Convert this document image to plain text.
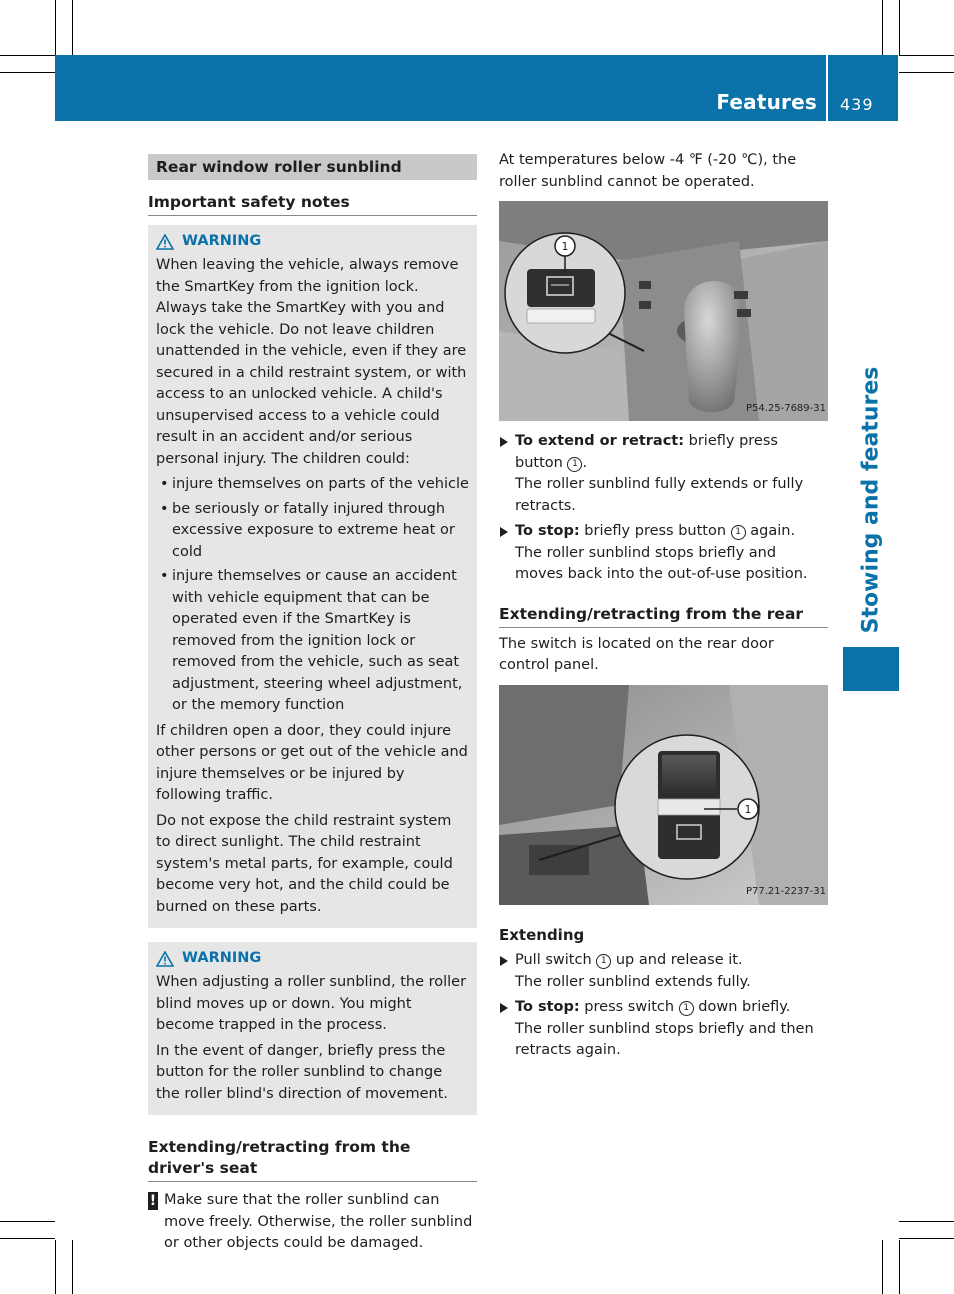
Features 439
Stowing and features
Rear window roller sunblind
Important safety notes
WARNING

When leaving the vehicle, always remove the SmartKey from the ignition lock. Always take the SmartKey with you and lock the vehicle. Do not leave children unattended in the vehicle, even if they are secured in a child restraint system, or with access to an unlocked vehicle. A child's unsupervised access to a vehicle could result in an accident and/or serious personal injury. The children could:

• injure themselves on parts of the vehicle
• be seriously or fatally injured through excessive exposure to extreme heat or cold
• injure themselves or cause an accident with vehicle equipment that can be operated even if the SmartKey is removed from the ignition lock or removed from the vehicle, such as seat adjustment, steering wheel adjustment, or the memory function

If children open a door, they could injure other persons or get out of the vehicle and injure themselves or be injured by following traffic.

Do not expose the child restraint system to direct sunlight. The child restraint system's metal parts, for example, could become very hot, and the child could be burned on these parts.

WARNING

When adjusting a roller sunblind, the roller blind moves up or down. You might become trapped in the process.

In the event of danger, briefly press the button for the roller sunblind to change the roller blind's direction of movement.

Extending/retracting from the driver's seat
! Make sure that the roller sunblind can move freely. Otherwise, the roller sunblind or other objects could be damaged.

At temperatures below -4 ℉ (-20 ℃), the roller sunblind cannot be operated.

1
P54.25-7689-31
To extend or retract: briefly press button 1 .
The roller sunblind fully extends or fully retracts.
To stop: briefly press button 1 again.
The roller sunblind stops briefly and moves back into the out-of-use position.
Extending/retracting from the rear

The switch is located on the rear door control panel.

1
P77.21-2237-31
Extending
Pull switch 1 up and release it.
The roller sunblind extends fully.
To stop: press switch 1 down briefly.
The roller sunblind stops briefly and then retracts again.
